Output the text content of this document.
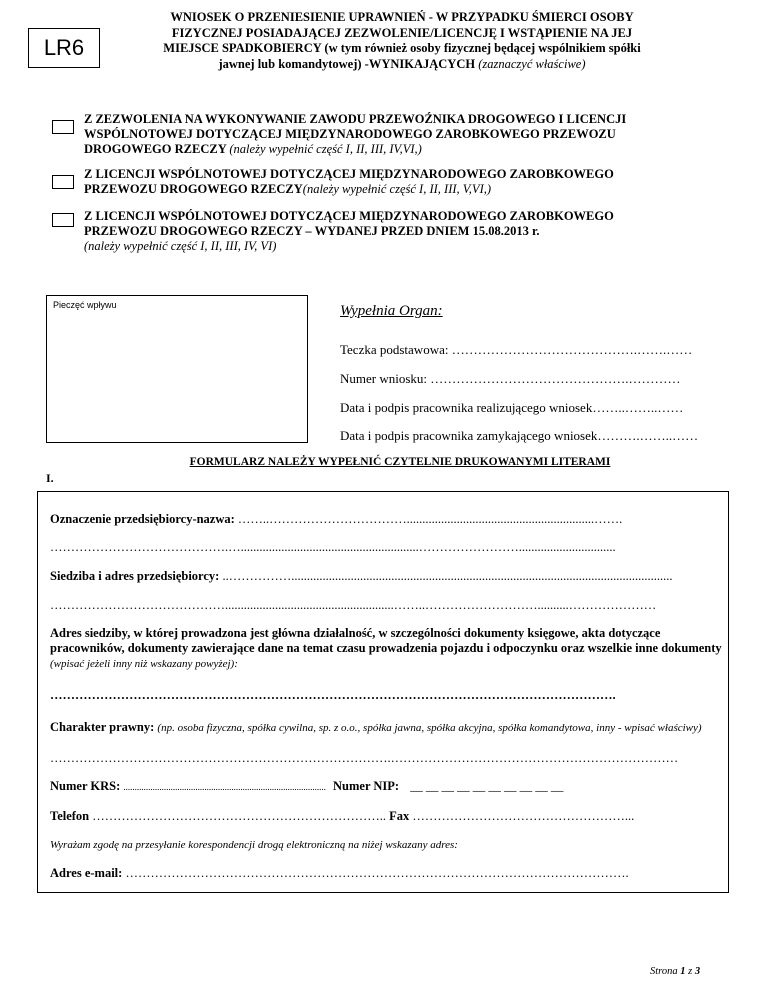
LR6
WNIOSEK O PRZENIESIENIE UPRAWNIEŃ - W PRZYPADKU ŚMIERCI OSOBY
FIZYCZNEJ POSIADAJĄCEJ ZEZWOLENIE/LICENCJĘ I WSTĄPIENIE NA JEJ
MIEJSCE SPADKOBIERCY (w tym również osoby fizycznej będącej wspólnikiem spółki
jawnej lub komandytowej) -WYNIKAJĄCYCH (zaznaczyć właściwe)
Z ZEZWOLENIA NA WYKONYWANIE ZAWODU PRZEWOŹNIKA DROGOWEGO I LICENCJI
WSPÓLNOTOWEJ DOTYCZĄCEJ MIĘDZYNARODOWEGO ZAROBKOWEGO PRZEWOZU
DROGOWEGO RZECZY (należy wypełnić część I, II, III, IV,VI,)
Z LICENCJI WSPÓLNOTOWEJ DOTYCZĄCEJ MIĘDZYNARODOWEGO ZAROBKOWEGO
PRZEWOZU DROGOWEGO RZECZY(należy wypełnić część I, II, III, V,VI,)
Z LICENCJI WSPÓLNOTOWEJ DOTYCZĄCEJ MIĘDZYNARODOWEGO ZAROBKOWEGO
PRZEWOZU DROGOWEGO RZECZY – WYDANEJ PRZED DNIEM 15.08.2013 r.
(należy wypełnić część I, II, III, IV, VI)
Pieczęć wpływu	Wypełnia Organ:
Teczka podstawowa: …………………………………….…….……
Numer wniosku: ……………………………………….…………
Data i podpis pracownika realizującego wniosek……..……..……
Data i podpis pracownika zamykającego wniosek……….……..……
FORMULARZ NALEŻY WYPEŁNIĆ CZYTELNIE DRUKOWANYMI LITERAMI
I.
Oznaczenie przedsiębiorcy-nazwa: ……..……………………………............................................................…….
…………………………………….….........................................................……………………...............................
Siedziba i adres przedsiębiorcy: ..……………..........................................................................................................................
……………………………………......................................................……..………………………..........…………………
Adres siedziby, w której prowadzona jest główna działalność, w szczególności dokumenty księgowe, akta dotyczące pracowników, dokumenty zawierające dane na temat czasu prowadzenia pojazdu i odpoczynku oraz wszelkie inne dokumenty (wpisać jeżeli inny niż wskazany powyżej):
……………………………………………………………………………………………………………………….
Charakter prawny: (np. osoba fizyczna, spółka cywilna, sp. z o.o., spółka jawna, spółka akcyjna, spółka komandytowa, inny - wpisać właściwy)
……………………………………………………………………….……………………………………………………………
Numer KRS: .......................................................................................... Numer NIP: __ __ __ __ __ __ __ __ __ __
Telefon …………………………………………………………….. Fax ……………………………………………...
Wyrażam zgodę na przesyłanie korespondencji drogą elektroniczną na niżej wskazany adres:
Adres e-mail: ………………………………………………………………………………………………………….
Strona 1 z 3
